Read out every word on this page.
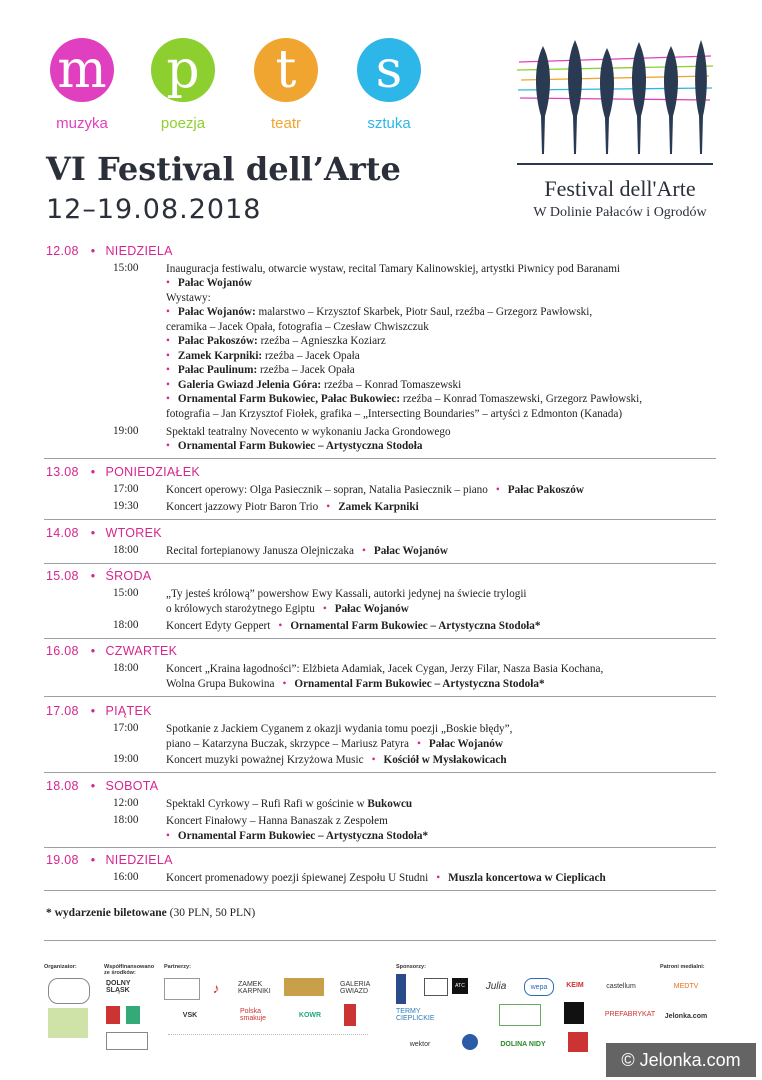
m p t s
muzyka	poezja	teatr	sztuka
VI Festival dell’Arte
12–19.08.2018
Festival dell'Arte
W Dolinie Pałaców i Ogrodów
12.08 • NIEDZIELA
15:00 Inauguracja festiwalu, otwarcie wystaw, recital Tamary Kalinowskiej, artystki Piwnicy pod Baranami
• Pałac Wojanów
Wystawy:
• Pałac Wojanów: malarstwo – Krzysztof Skarbek, Piotr Saul, rzeźba – Grzegorz Pawłowski,
ceramika – Jacek Opała, fotografia – Czesław Chwiszczuk
• Pałac Pakoszów: rzeźba – Agnieszka Koziarz
• Zamek Karpniki: rzeźba – Jacek Opała
• Pałac Paulinum: rzeźba – Jacek Opała
• Galeria Gwiazd Jelenia Góra: rzeźba – Konrad Tomaszewski
• Ornamental Farm Bukowiec, Pałac Bukowiec: rzeźba – Konrad Tomaszewski, Grzegorz Pawłowski,
fotografia – Jan Krzysztof Fiołek, grafika – „Intersecting Boundaries” – artyści z Edmonton (Kanada)
19:00 Spektakl teatralny Novecento w wykonaniu Jacka Grondowego
• Ornamental Farm Bukowiec – Artystyczna Stodoła
13.08 • PONIEDZIAŁEK
17:00 Koncert operowy: Olga Pasiecznik – sopran, Natalia Pasiecznik – piano • Pałac Pakoszów
19:30 Koncert jazzowy Piotr Baron Trio • Zamek Karpniki
14.08 • WTOREK
18:00 Recital fortepianowy Janusza Olejniczaka • Pałac Wojanów
15.08 • ŚRODA
15:00 „Ty jesteś królową” powershow Ewy Kassali, autorki jedynej na świecie trylogii
o królowych starożytnego Egiptu • Pałac Wojanów
18:00 Koncert Edyty Geppert • Ornamental Farm Bukowiec – Artystyczna Stodoła*
16.08 • CZWARTEK
18:00 Koncert „Kraina łagodności”: Elżbieta Adamiak, Jacek Cygan, Jerzy Filar, Nasza Basia Kochana,
Wolna Grupa Bukowina • Ornamental Farm Bukowiec – Artystyczna Stodoła*
17.08 • PIĄTEK
17:00 Spotkanie z Jackiem Cyganem z okazji wydania tomu poezji „Boskie błędy”,
piano – Katarzyna Buczak, skrzypce – Mariusz Patyra • Pałac Wojanów
19:00 Koncert muzyki poważnej Krzyżowa Music • Kościół w Mysłakowicach
18.08 • SOBOTA
12:00 Spektakl Cyrkowy – Rufi Rafi w gościnie w Bukowcu
18:00 Koncert Finałowy – Hanna Banaszak z Zespołem
• Ornamental Farm Bukowiec – Artystyczna Stodoła*
19.08 • NIEDZIELA
16:00 Koncert promenadowy poezji śpiewanej Zespołu U Studni • Muszla koncertowa w Cieplicach
* wydarzenie biletowane (30 PLN, 50 PLN)
Organizator:	Współfinansowano ze środków:
Partnerzy:	Sponsorzy:	Patroni medialni:
DOLNY ŚLĄSK	♪	ZAMEK KARPNIKI
GALERIA GWIAZD
VSK	Polska smakuje	KOWR
ATC	Julia	wepa	KEIM	castellum
TERMY CIEPLICKIE
PREFABRYKAT
wektor	DOLINA NIDY
MEDTV
Jelonka.com
© Jelonka.com
